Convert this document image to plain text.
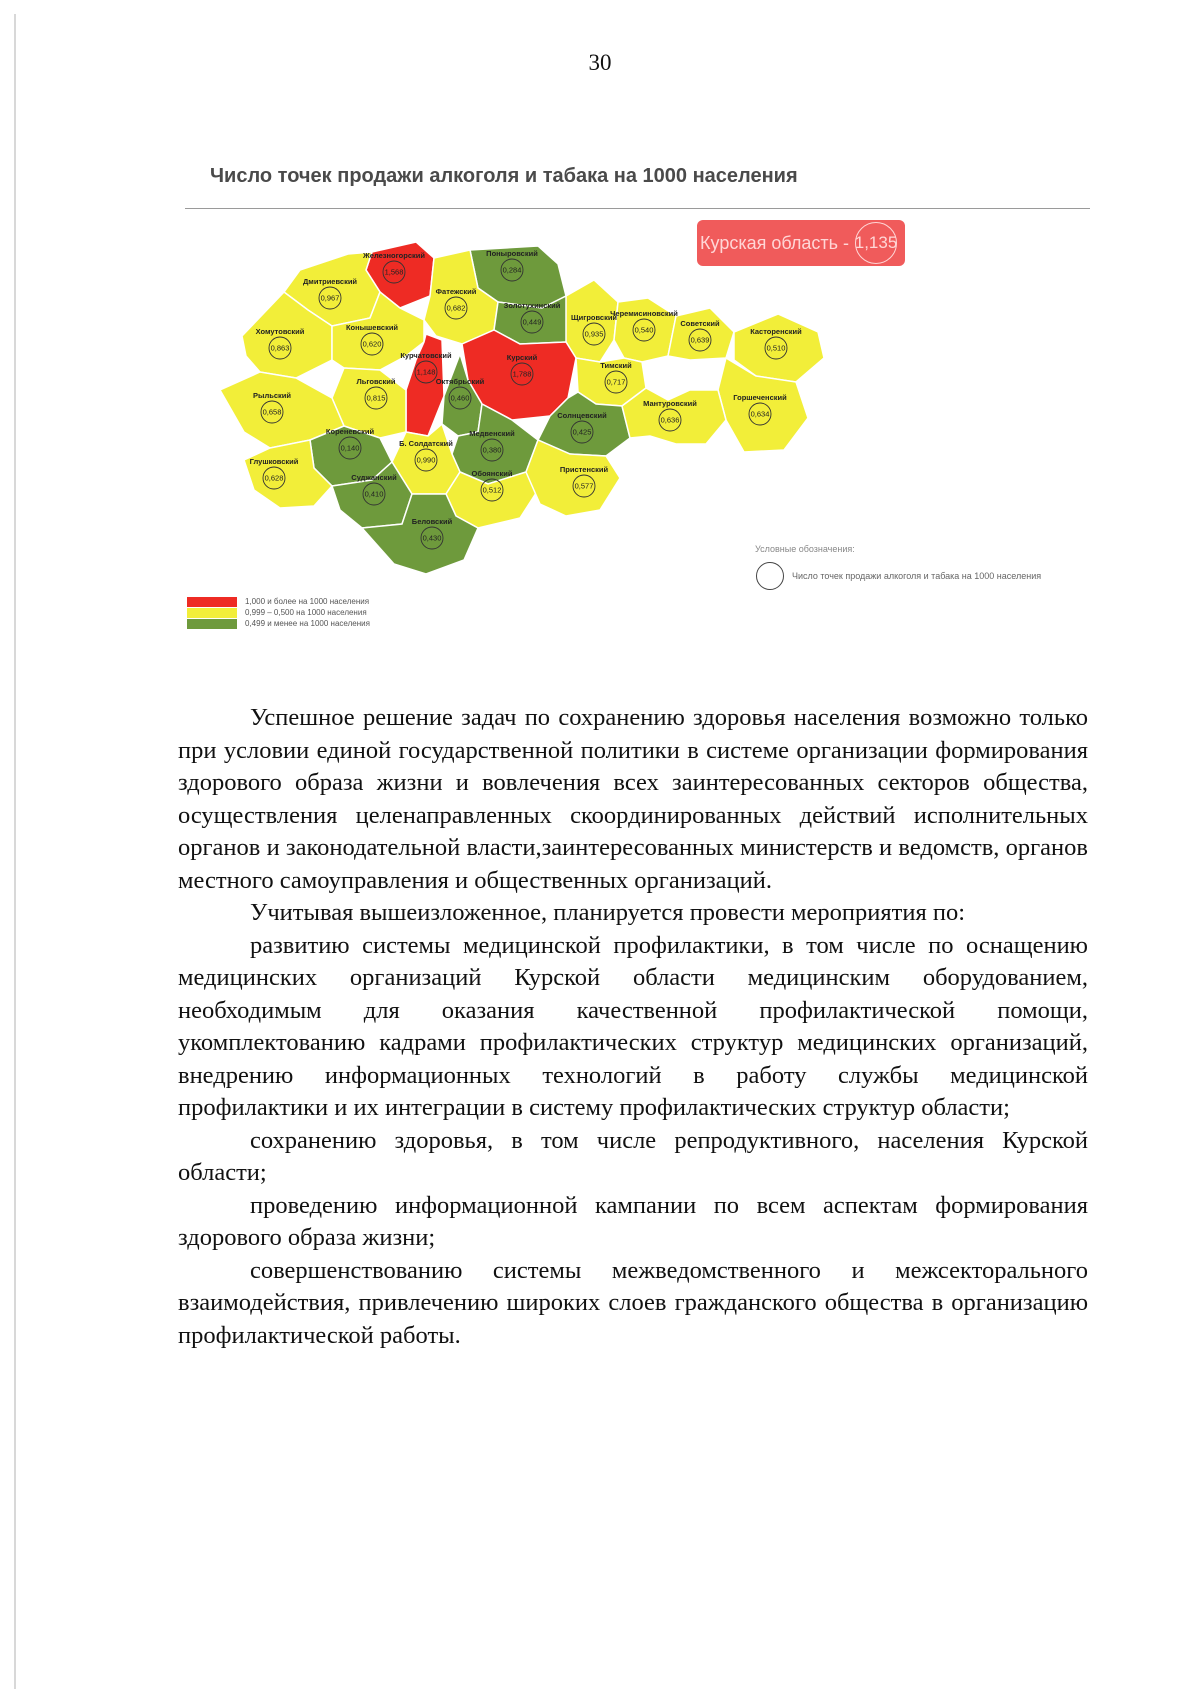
30
Число точек продажи алкоголя и табака на 1000 населения
Курская область - 1,135
Железногорский
1,568
Поныровский
0,284
Дмитриевский
0,967
Фатежский
0,682	Золотухинский
0,449
Хомутовский
0,863
Конышевский
0,620
Щигровский
0,935
Черемисиновский
0,540
Советский
0,639
Касторенский
0,510
Курчатовский
1,148
Курский
1,788
Льговский
0,815
Октябрьский
0,460
Тимский
0,717
Рыльский
0,658
Горшеченский
0,634
Кореневский
0,140
Медвенский
0,380
Солнцевский
0,425
Мантуровский
0,636
Б. Солдатский
0,990
Глушковский
0,628	Суджанский
0,410
Обоянский
0,512
Пристенский
0,577
Беловский
0,430
Условные обозначения:
Число точек продажи алкоголя и табака на 1000 населения
1,000 и более на 1000 населения
0,999 – 0,500 на 1000 населения
0,499 и менее на 1000 населения

Успешное решение задач по сохранению здоровья населения возможно только при условии единой государственной политики в системе организации формирования здорового образа жизни и вовлечения всех заинтересованных секторов общества, осуществления целенаправленных скоординированных действий исполнительных органов и законодательной власти,заинтересованных министерств и ведомств, органов местного самоуправления и общественных организаций.

Учитывая вышеизложенное, планируется провести мероприятия по:

развитию системы медицинской профилактики, в том числе по оснащению медицинских организаций Курской области медицинским оборудованием, необходимым для оказания качественной профилактической помощи, укомплектованию кадрами профилактических структур медицинских организаций, внедрению информационных технологий в работу службы медицинской профилактики и их интеграции в систему профилактических структур области;

сохранению здоровья, в том числе репродуктивного, населения Курской области;

проведению информационной кампании по всем аспектам формирования здорового образа жизни;

совершенствованию системы межведомственного и межсекторального взаимодействия, привлечению широких слоев гражданского общества в организацию профилактической работы.
